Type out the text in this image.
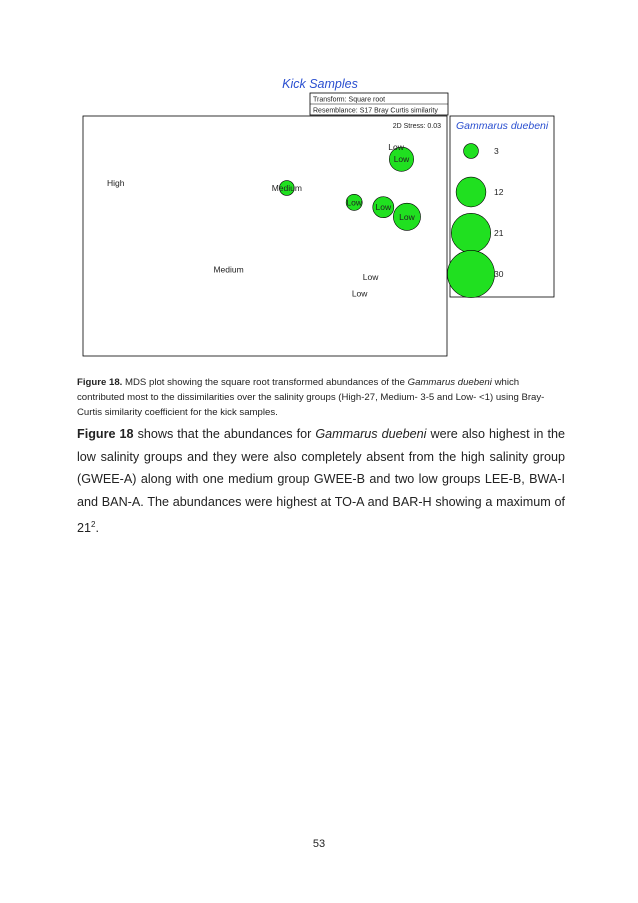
Kick Samples
Transform: Square root
Resemblance: S17 Bray Curtis similarity
2D Stress: 0.03
Low
Low
Low
Medium
Low
Low
Low
High
Medium
Low
Gammarus duebeni
3
12
21
30
Figure 18. MDS plot showing the square root transformed abundances of the Gammarus duebeni which contributed most to the dissimilarities over the salinity groups (High-27, Medium- 3-5 and Low- <1) using Bray-Curtis similarity coefficient for the kick samples.
Figure 18 shows that the abundances for Gammarus duebeni were also highest in the low salinity groups and they were also completely absent from the high salinity group (GWEE-A) along with one medium group GWEE-B and two low groups LEE-B, BWA-I and BAN-A. The abundances were highest at TO-A and BAR-H showing a maximum of $21^2$.
53
